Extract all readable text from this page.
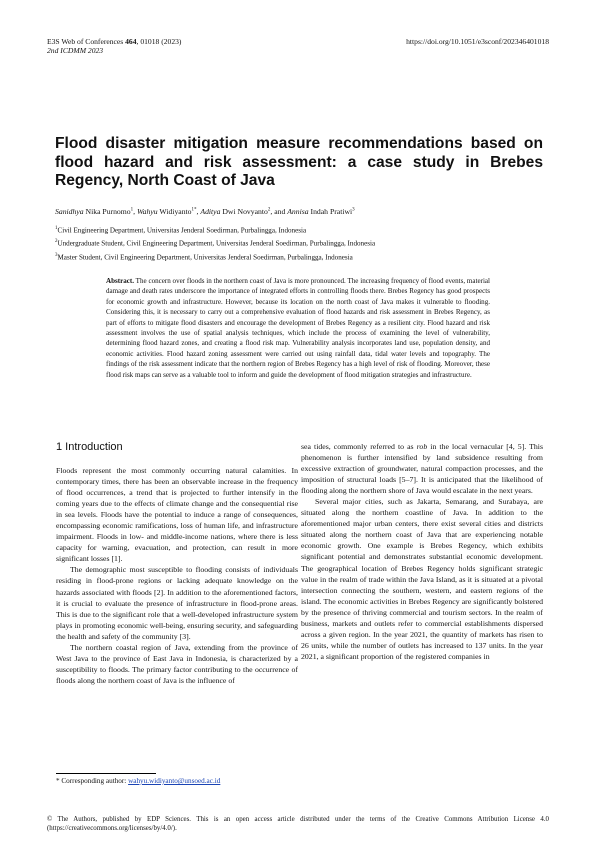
E3S Web of Conferences 464, 01018 (2023)
2nd ICDMM 2023
https://doi.org/10.1051/e3sconf/202346401018
Flood disaster mitigation measure recommendations based on flood hazard and risk assessment: a case study in Brebes Regency, North Coast of Java
Sanidhya Nika Purnomo$^1$, Wahyu Widiyanto$^{1*}$, Aditya Dwi Novyanto$^2$, and Annisa Indah Pratiwi$^3$
$^1$Civil Engineering Department, Universitas Jenderal Soedirman, Purbalingga, Indonesia
$^2$Undergraduate Student, Civil Engineering Department, Universitas Jenderal Soedirman, Purbalingga, Indonesia
$^3$Master Student, Civil Engineering Department, Universitas Jenderal Soedirman, Purbalingga, Indonesia
Abstract. The concern over floods in the northern coast of Java is more pronounced. The increasing frequency of flood events, material damage and death rates underscore the importance of integrated efforts in controlling floods there. Brebes Regency has good prospects for economic growth and infrastructure. However, because its location on the north coast of Java makes it vulnerable to flooding. Considering this, it is necessary to carry out a comprehensive evaluation of flood hazards and risk assessment in Brebes Regency, as part of efforts to mitigate flood disasters and encourage the development of Brebes Regency as a resilient city. Flood hazard and risk assessment involves the use of spatial analysis techniques, which include the process of examining the level of vulnerability, determining flood hazard zones, and creating a flood risk map. Vulnerability analysis incorporates land use, population density, and economic activities. Flood hazard zoning assessment were carried out using rainfall data, tidal water levels and topography. The findings of the risk assessment indicate that the northern region of Brebes Regency has a high level of risk of flooding. Moreover, these flood risk maps can serve as a valuable tool to inform and guide the development of flood mitigation strategies and infrastructure.
1 Introduction

Floods represent the most commonly occurring natural calamities. In contemporary times, there has been an observable increase in the frequency of flood occurrences, a trend that is projected to further intensify in the coming years due to the effects of climate change and the consequential rise in sea levels. Floods have the potential to induce a range of consequences, encompassing economic ramifications, loss of human life, and infrastructure impairment. Floods in low- and middle-income nations, where there is less capacity for warning, evacuation, and protection, can result in more significant losses [1].

The demographic most susceptible to flooding consists of individuals residing in flood-prone regions or lacking adequate knowledge on the hazards associated with floods [2]. In addition to the aforementioned factors, it is crucial to evaluate the presence of infrastructure in flood-prone areas. This is due to the significant role that a well-developed infrastructure system plays in promoting economic well-being, ensuring security, and safeguarding the health and safety of the community [3].

The northern coastal region of Java, extending from the province of West Java to the province of East Java in Indonesia, is characterized by a susceptibility to floods. The primary factor contributing to the occurrence of floods along the northern coast of Java is the influence of

sea tides, commonly referred to as rob in the local vernacular [4, 5]. This phenomenon is further intensified by land subsidence resulting from excessive extraction of groundwater, natural compaction processes, and the imposition of structural loads [5–7]. It is anticipated that the likelihood of flooding along the northern shore of Java would escalate in the next years.

Several major cities, such as Jakarta, Semarang, and Surabaya, are situated along the northern coastline of Java. In addition to the aforementioned major urban centers, there exist several cities and districts situated along the northern coast of Java that are experiencing notable economic growth. One example is Brebes Regency, which exhibits significant potential and demonstrates substantial economic development. The geographical location of Brebes Regency holds significant strategic value in the realm of trade within the Java Island, as it is situated at a pivotal intersection connecting the southern, western, and eastern regions of the island. The economic activities in Brebes Regency are significantly bolstered by the presence of thriving commercial and tourism sectors. In the realm of business, markets and outlets refer to commercial establishments dispersed across a given region. In the year 2021, the quantity of markets has risen to 26 units, while the number of outlets has increased to 137 units. In the year 2021, a significant proportion of the registered companies in

* Corresponding author: wahyu.widiyanto@unsoed.ac.id
© The Authors, published by EDP Sciences. This is an open access article distributed under the terms of the Creative Commons Attribution License 4.0 (https://creativecommons.org/licenses/by/4.0/).
